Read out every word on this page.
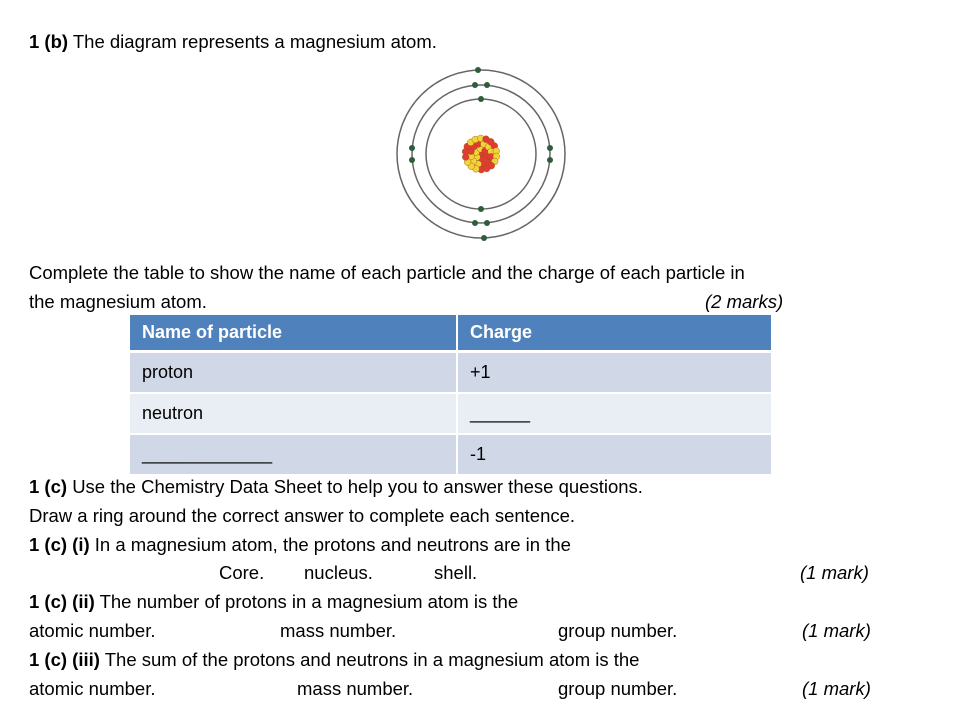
1 (b) The diagram represents a magnesium atom.
Complete the table to show the name of each particle and the charge of each particle in
the magnesium atom.	(2 marks)
Name of particle	Charge
proton	+1
neutron	______
_____________	-1
1 (c) Use the Chemistry Data Sheet to help you to answer these questions.
Draw a ring around the correct answer to complete each sentence.
1 (c) (i) In a magnesium atom, the protons and neutrons are in the
Core. nucleus.	shell.	(1 mark)
1 (c) (ii) The number of protons in a magnesium atom is the
atomic number.	mass number.	group number.	(1 mark)
1 (c) (iii) The sum of the protons and neutrons in a magnesium atom is the
atomic number.	mass number.	group number.	(1 mark)
